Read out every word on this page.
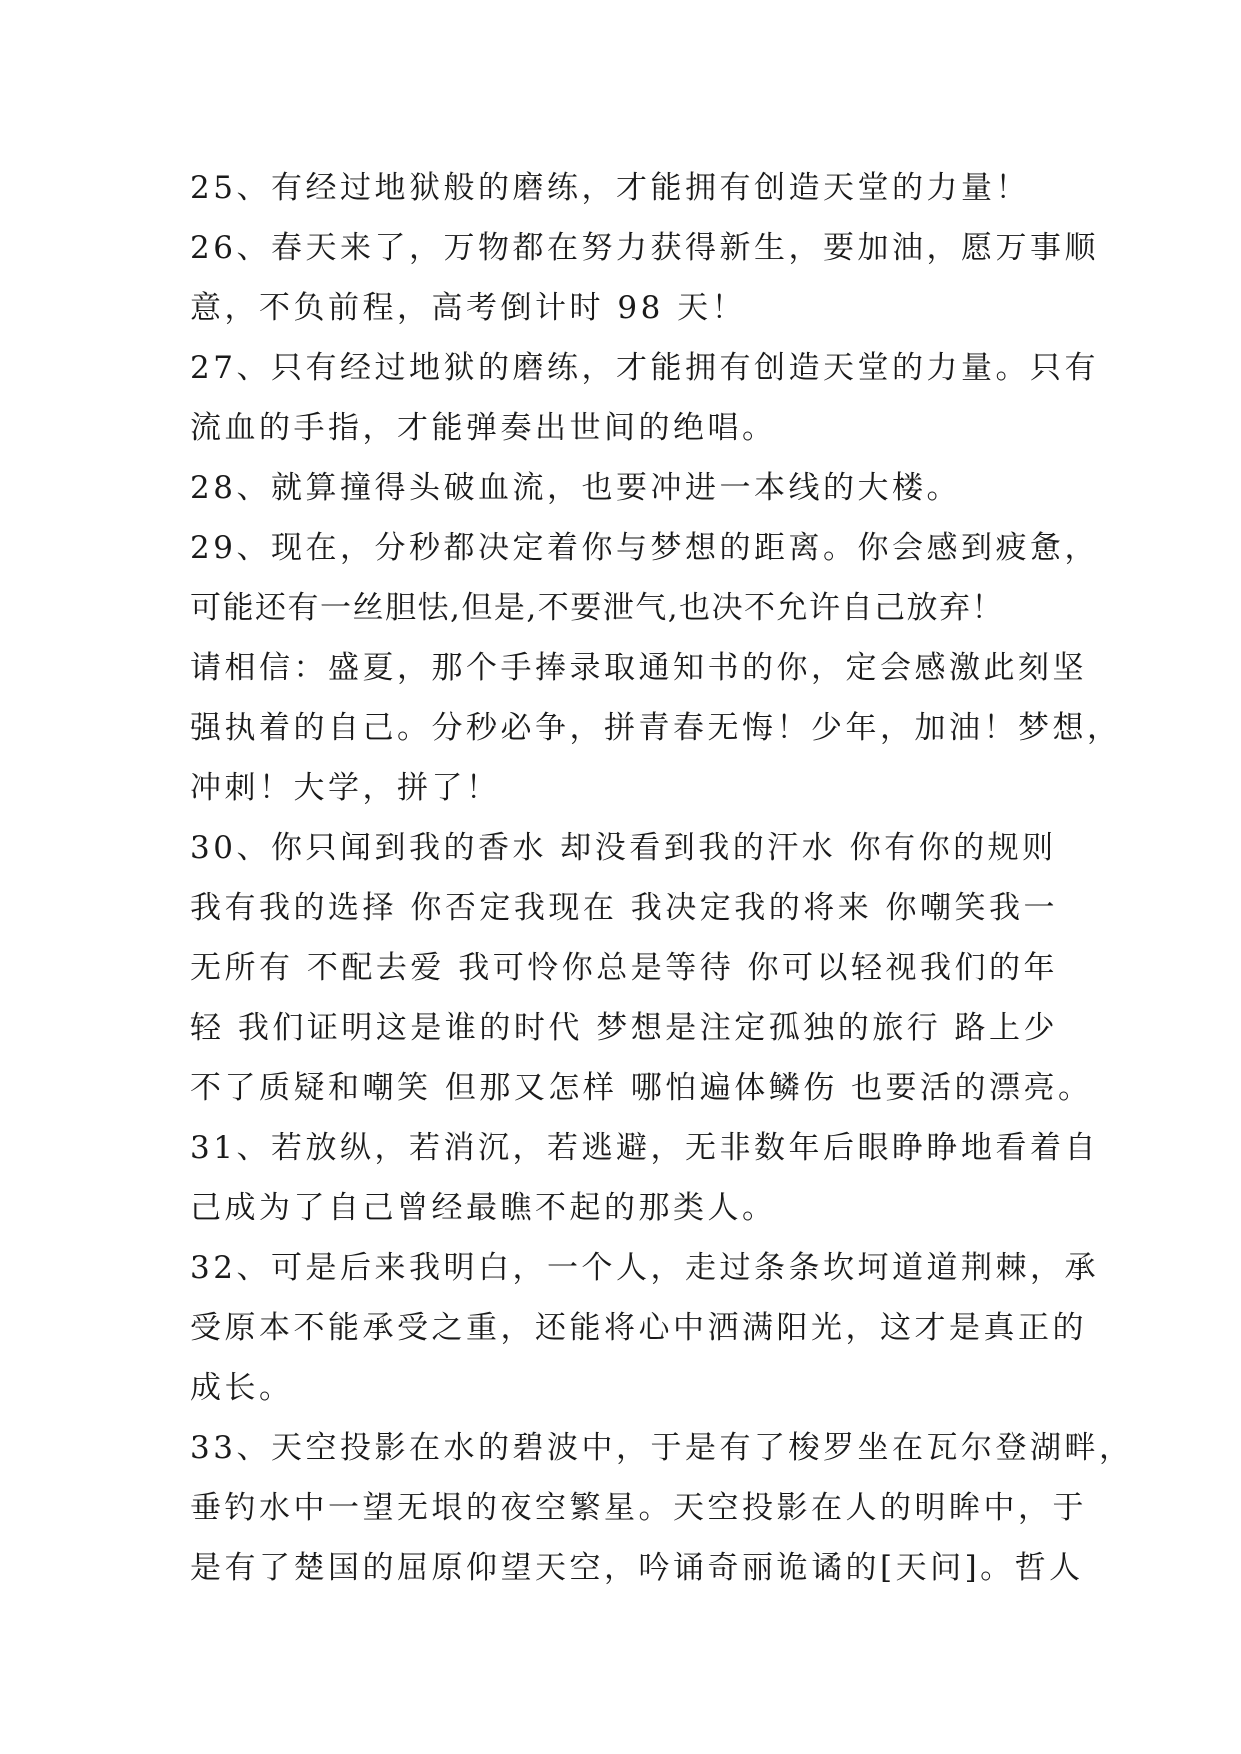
25、有经过地狱般的磨练，才能拥有创造天堂的力量！
26、春天来了，万物都在努力获得新生，要加油，愿万事顺
意，不负前程，高考倒计时 98 天！
27、只有经过地狱的磨练，才能拥有创造天堂的力量。只有
流血的手指，才能弹奏出世间的绝唱。
28、就算撞得头破血流，也要冲进一本线的大楼。
29、现在，分秒都决定着你与梦想的距离。你会感到疲惫，
可能还有一丝胆怯,但是,不要泄气,也决不允许自己放弃！
请相信：盛夏，那个手捧录取通知书的你，定会感激此刻坚
强执着的自己。分秒必争，拼青春无悔！少年，加油！梦想，
冲刺！大学，拼了！
30、你只闻到我的香水 却没看到我的汗水 你有你的规则
我有我的选择 你否定我现在 我决定我的将来 你嘲笑我一
无所有 不配去爱 我可怜你总是等待 你可以轻视我们的年
轻 我们证明这是谁的时代 梦想是注定孤独的旅行 路上少
不了质疑和嘲笑 但那又怎样 哪怕遍体鳞伤 也要活的漂亮。
31、若放纵，若消沉，若逃避，无非数年后眼睁睁地看着自
己成为了自己曾经最瞧不起的那类人。
32、可是后来我明白，一个人，走过条条坎坷道道荆棘，承
受原本不能承受之重，还能将心中洒满阳光，这才是真正的
成长。
33、天空投影在水的碧波中，于是有了梭罗坐在瓦尔登湖畔，
垂钓水中一望无垠的夜空繁星。天空投影在人的明眸中，于
是有了楚国的屈原仰望天空，吟诵奇丽诡谲的[天问]。哲人
